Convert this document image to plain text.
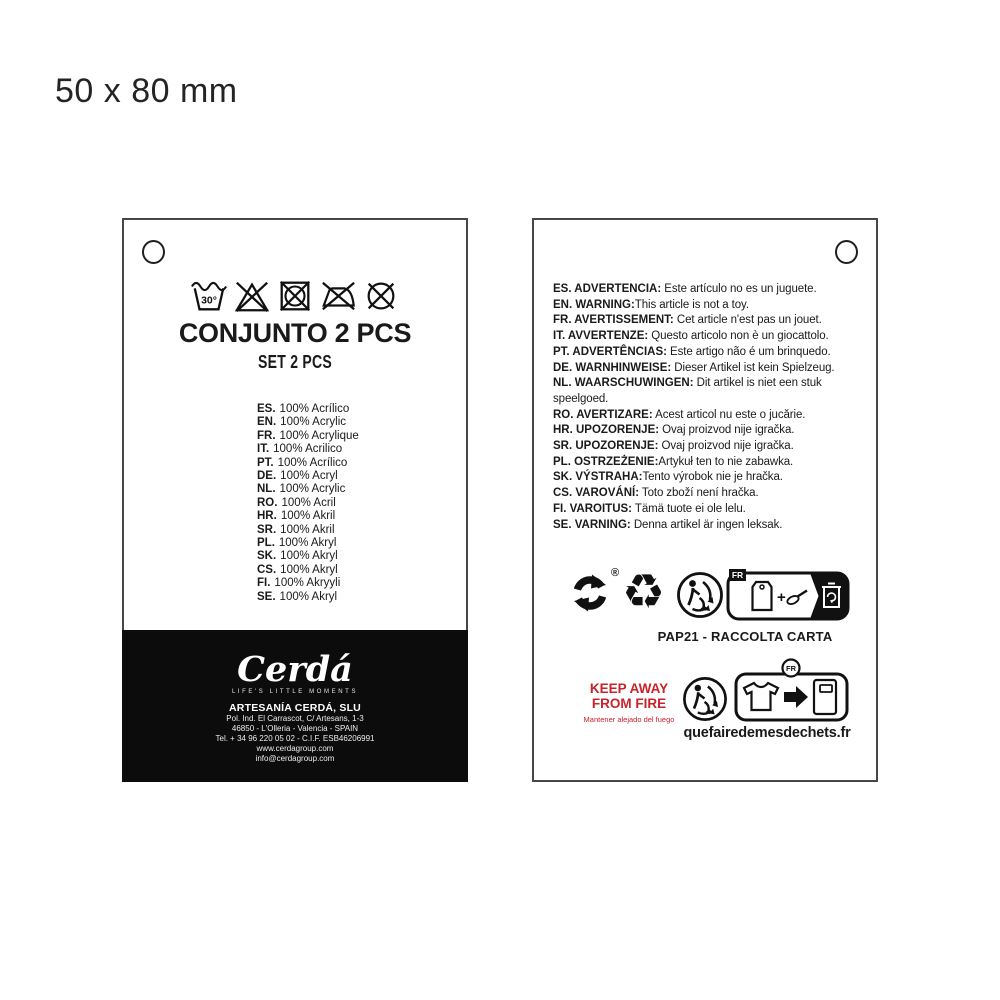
50 x 80 mm
30°
CONJUNTO 2 PCS
SET 2 PCS
ES. 100% Acrílico
EN. 100% Acrylic
FR. 100% Acrylique
IT. 100% Acrilico
PT. 100% Acrílico
DE. 100% Acryl
NL. 100% Acrylic
RO. 100% Acril
HR. 100% Akril
SR. 100% Akril
PL. 100% Akryl
SK. 100% Akryl
CS. 100% Akryl
FI. 100% Akryyli
SE. 100% Akryl
Cerdá
LIFE'S LITTLE MOMENTS
ARTESANÍA CERDÁ, SLU
Pol. Ind. El Carrascot, C/ Artesans, 1-3
46850 - L'Olleria - Valencia - SPAIN
Tel. + 34 96 220 05 02 - C.I.F. ESB46206991
www.cerdagroup.com
info@cerdagroup.com
ES. ADVERTENCIA: Este artículo no es un juguete.
EN. WARNING:This article is not a toy.
FR. AVERTISSEMENT: Cet article n'est pas un jouet.
IT. AVVERTENZE: Questo articolo non è un giocattolo.
PT. ADVERTÊNCIAS: Este artigo não é um brinquedo.
DE. WARNHINWEISE: Dieser Artikel ist kein Spielzeug.
NL. WAARSCHUWINGEN: Dit artikel is niet een stuk speelgoed.
RO. AVERTIZARE: Acest articol nu este o jucărie.
HR. UPOZORENJE: Ovaj proizvod nije igračka.
SR. UPOZORENJE: Ovaj proizvod nije igračka.
PL. OSTRZEŻENIE:Artykuł ten to nie zabawka.
SK. VÝSTRAHA:Tento výrobok nie je hračka.
CS. VAROVÁNÍ: Toto zboží není hračka.
FI. VAROITUS: Tämä tuote ei ole lelu.
SE. VARNING: Denna artikel är ingen leksak.
® ♻	FR
+
PAP21 - RACCOLTA CARTA
KEEP AWAY
FROM FIRE
Mantener alejado del fuego
FR
quefairedemesdechets.fr
